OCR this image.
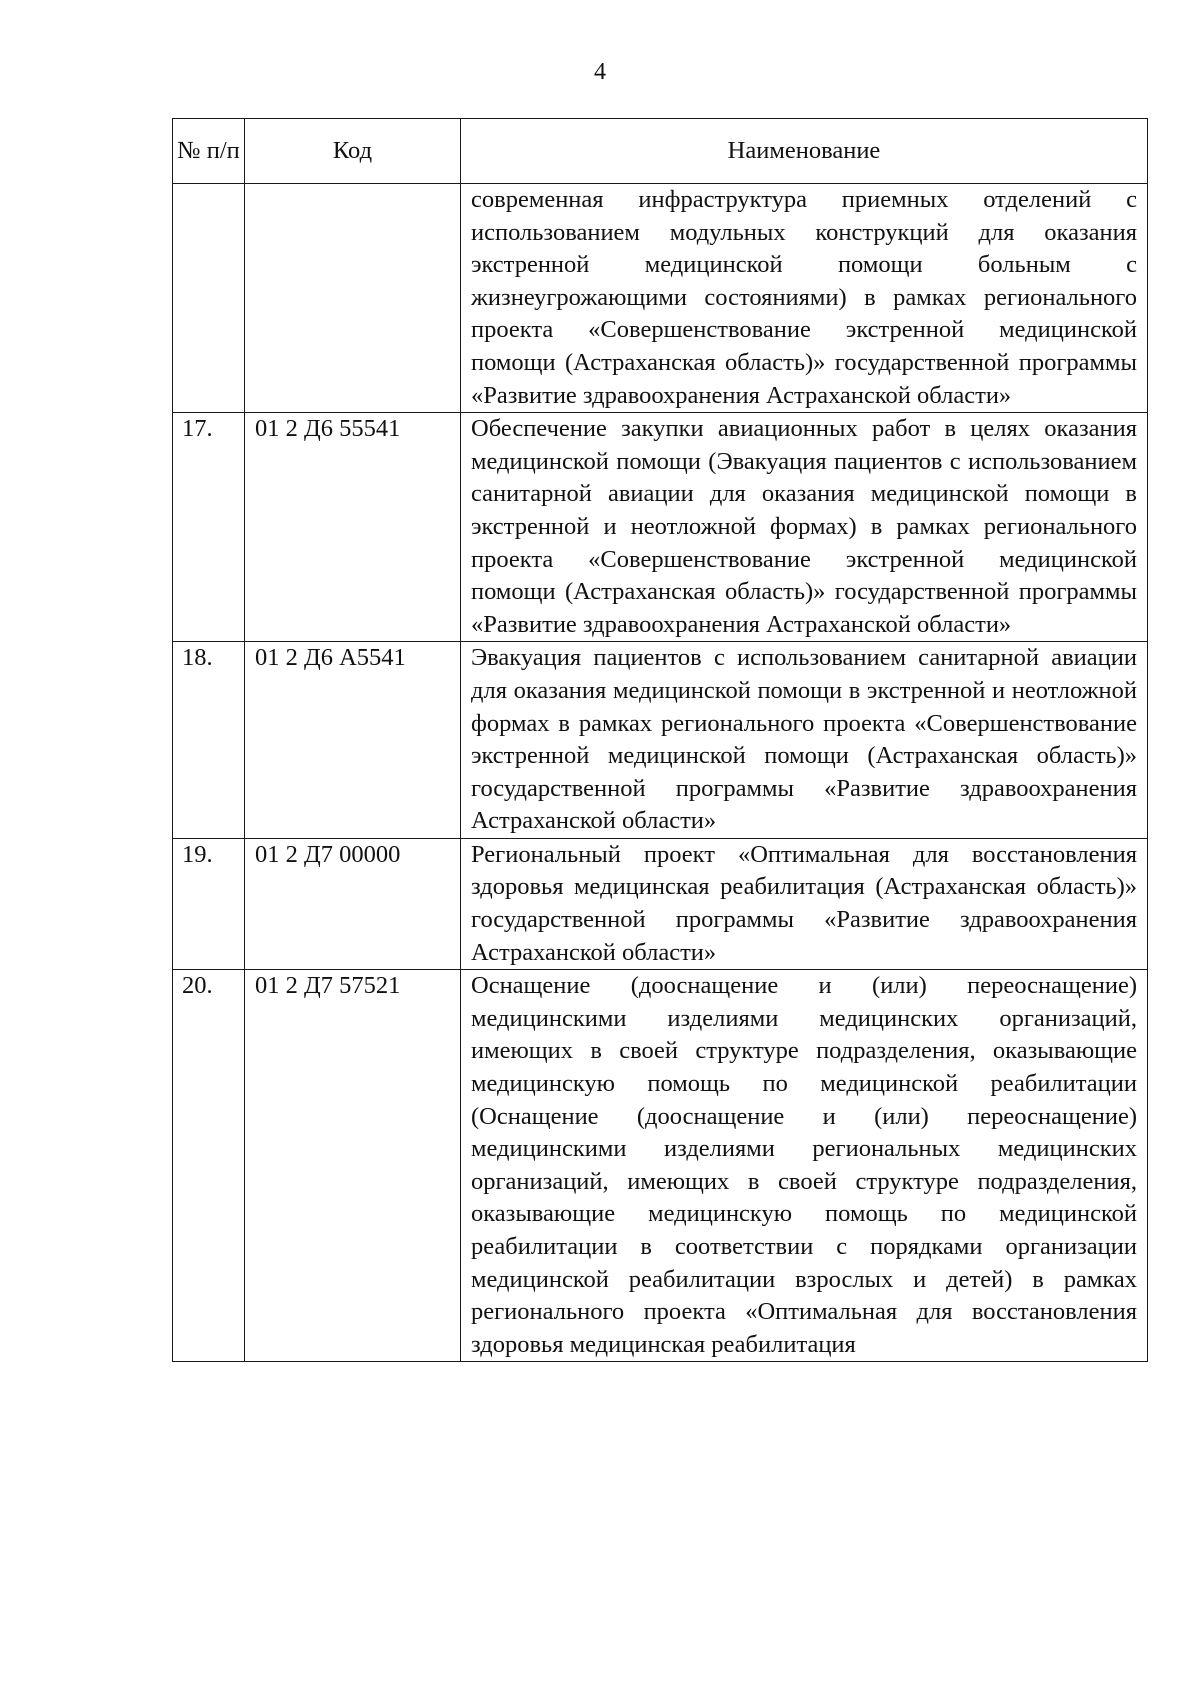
4
№ п/п	Код	Наименование
		современная инфраструктура приемных отделений с использованием модульных конструкций для оказания экстренной медицинской помощи больным с жизнеугрожающими состояниями) в рамках регионального проекта «Совершенствование экстренной медицинской помощи (Астраханская область)» государственной программы «Развитие здравоохранения Астраханской области»
17.	01 2 Д6 55541	Обеспечение закупки авиационных работ в целях оказания медицинской помощи (Эвакуация пациентов с использованием санитарной авиации для оказания медицинской помощи в экстренной и неотложной формах) в рамках регионального проекта «Совершенствование экстренной медицинской помощи (Астраханская область)» государственной программы «Развитие здравоохранения Астраханской области»
18.	01 2 Д6 А5541	Эвакуация пациентов с использованием санитарной авиации для оказания медицинской помощи в экстренной и неотложной формах в рамках регионального проекта «Совершенствование экстренной медицинской помощи (Астраханская область)» государственной программы «Развитие здравоохранения Астраханской области»
19.	01 2 Д7 00000	Региональный проект «Оптимальная для восстановления здоровья медицинская реабилитация (Астраханская область)» государственной программы «Развитие здравоохранения Астраханской области»
20.	01 2 Д7 57521	Оснащение (дооснащение и (или) переоснащение) медицинскими изделиями медицинских организаций, имеющих в своей структуре подразделения, оказывающие медицинскую помощь по медицинской реабилитации (Оснащение (дооснащение и (или) переоснащение) медицинскими изделиями региональных медицинских организаций, имеющих в своей структуре подразделения, оказывающие медицинскую помощь по медицинской реабилитации в соответствии с порядками организации медицинской реабилитации взрослых и детей) в рамках регионального проекта «Оптимальная для восстановления здоровья медицинская реабилитация
